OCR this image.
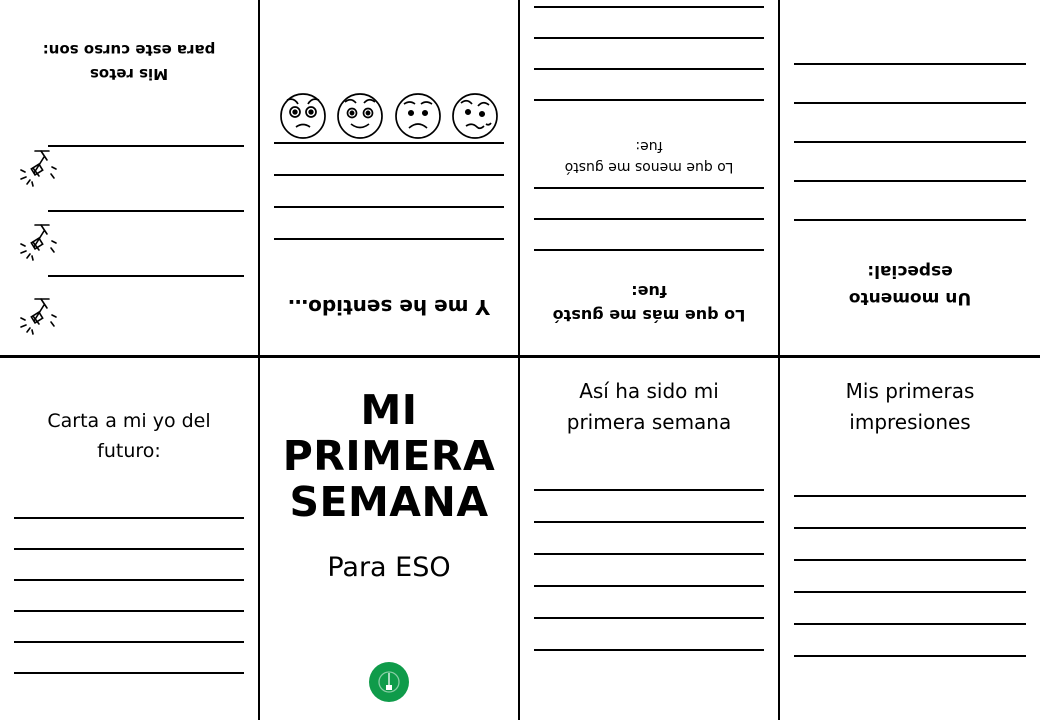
Mis retos
para este curso son:
Y me he sentido…	Lo que más me gustó fue:
Lo que menos me gustó
fue:
Un momento
especial:
Carta a mi yo del
futuro:
MI PRIMERA SEMANA
Para ESO
Así ha sido mi
primera semana
Mis primeras
impresiones
